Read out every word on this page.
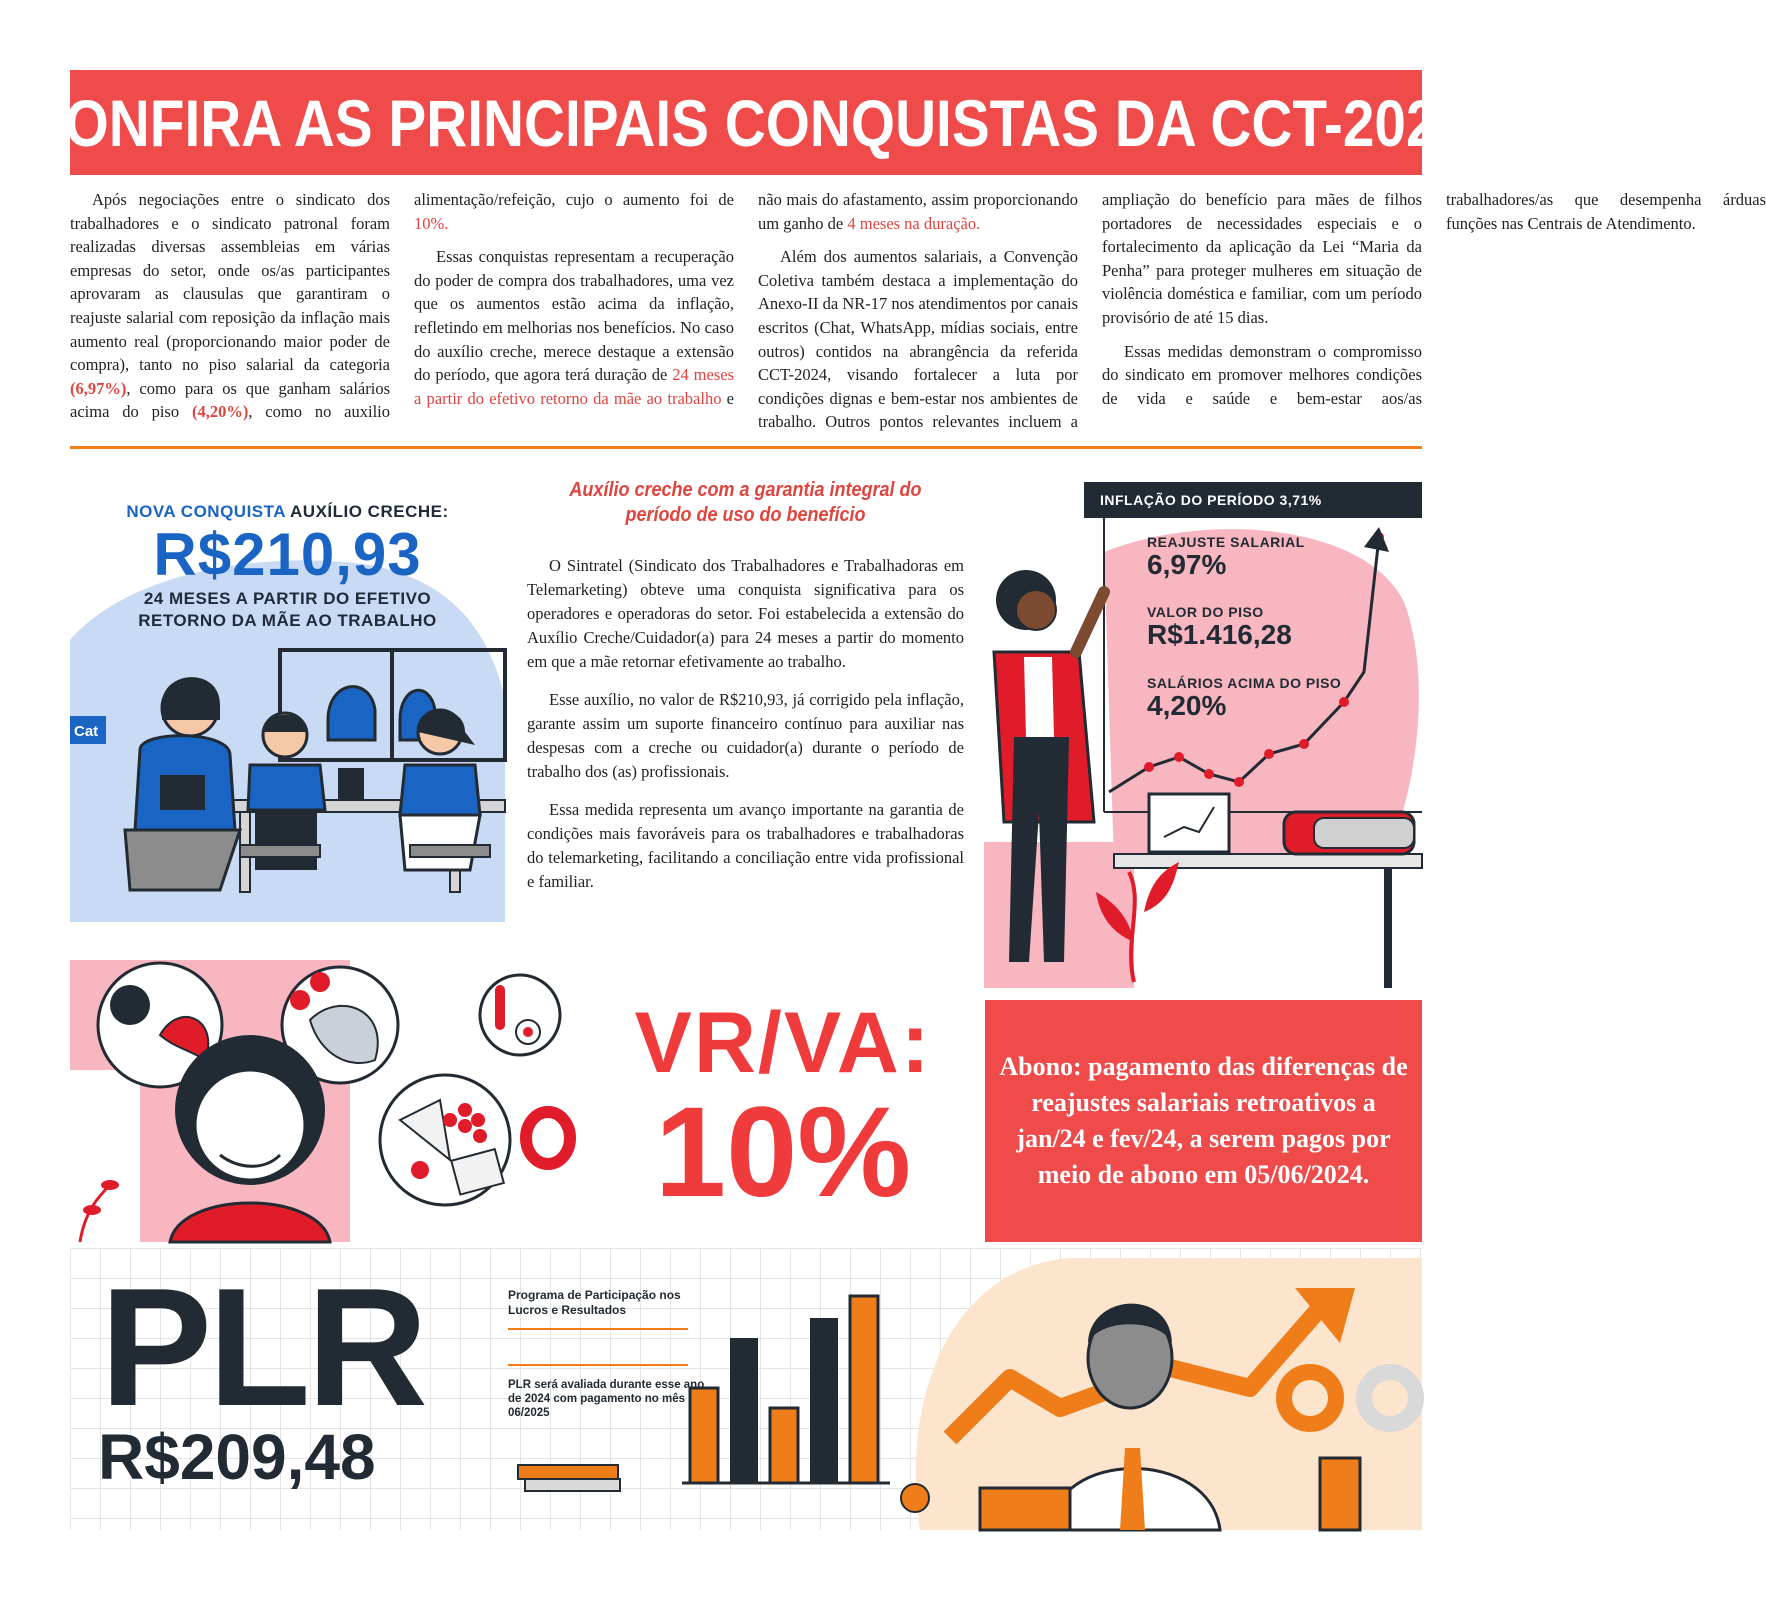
CONFIRA AS PRINCIPAIS CONQUISTAS DA CCT-2024

Após negociações entre o sindicato dos trabalhadores e o sindicato patronal foram realizadas diversas assembleias em várias empresas do setor, onde os/as participantes aprovaram as clausulas que garantiram o reajuste salarial com reposição da inflação mais aumento real (proporcionando maior poder de compra), tanto no piso salarial da categoria (6,97%), como para os que ganham salários acima do piso (4,20%), como no auxilio alimentação/refeição, cujo o aumento foi de 10%.

Essas conquistas representam a recuperação do poder de compra dos trabalhadores, uma vez que os aumentos estão acima da inflação, refletindo em melhorias nos benefícios. No caso do auxílio creche, merece destaque a extensão do período, que agora terá duração de 24 meses a partir do efetivo retorno da mãe ao trabalho e não mais do afastamento, assim proporcionando um ganho de 4 meses na duração.

Além dos aumentos salariais, a Convenção Coletiva também destaca a implementação do Anexo-II da NR-17 nos atendimentos por canais escritos (Chat, WhatsApp, mídias sociais, entre outros) contidos na abrangência da referida CCT-2024, visando fortalecer a luta por condições dignas e bem-estar nos ambientes de trabalho. Outros pontos relevantes incluem a ampliação do benefício para mães de filhos portadores de necessidades especiais e o fortalecimento da aplicação da Lei “Maria da Penha” para proteger mulheres em situação de violência doméstica e familiar, com um período provisório de até 15 dias.

Essas medidas demonstram o compromisso do sindicato em promover melhores condições de vida e saúde e bem-estar aos/as trabalhadores/as que desempenha árduas funções nas Centrais de Atendimento.

Cat
NOVA CONQUISTA AUXÍLIO CRECHE:
R$210,93
24 MESES A PARTIR DO EFETIVO
RETORNO DA MÃE AO TRABALHO
Auxílio creche com a garantia integral do
período de uso do benefício

O Sintratel (Sindicato dos Trabalhadores e Trabalhadoras em Telemarketing) obteve uma conquista significativa para os operadores e operadoras do setor. Foi estabelecida a extensão do Auxílio Creche/Cuidador(a) para 24 meses a partir do momento em que a mãe retornar efetivamente ao trabalho.

Esse auxílio, no valor de R$210,93, já corrigido pela inflação, garante assim um suporte financeiro contínuo para auxiliar nas despesas com a creche ou cuidador(a) durante o período de trabalho dos (as) profissionais.

Essa medida representa um avanço importante na garantia de condições mais favoráveis para os trabalhadores e trabalhadoras do telemarketing, facilitando a conciliação entre vida profissional e familiar.

INFLAÇÃO DO PERÍODO 3,71%
REAJUSTE SALARIAL
6,97%
VALOR DO PISO
R$1.416,28
SALÁRIOS ACIMA DO PISO
4,20%
VR/VA:
10%

Abono: pagamento das diferenças de reajustes salariais retroativos a jan/24 e fev/24, a serem pagos por meio de abono em 05/06/2024.

PLR
R$209,48
Programa de Participação nos Lucros e Resultados
PLR será avaliada durante esse ano de 2024 com pagamento no mês 06/2025
